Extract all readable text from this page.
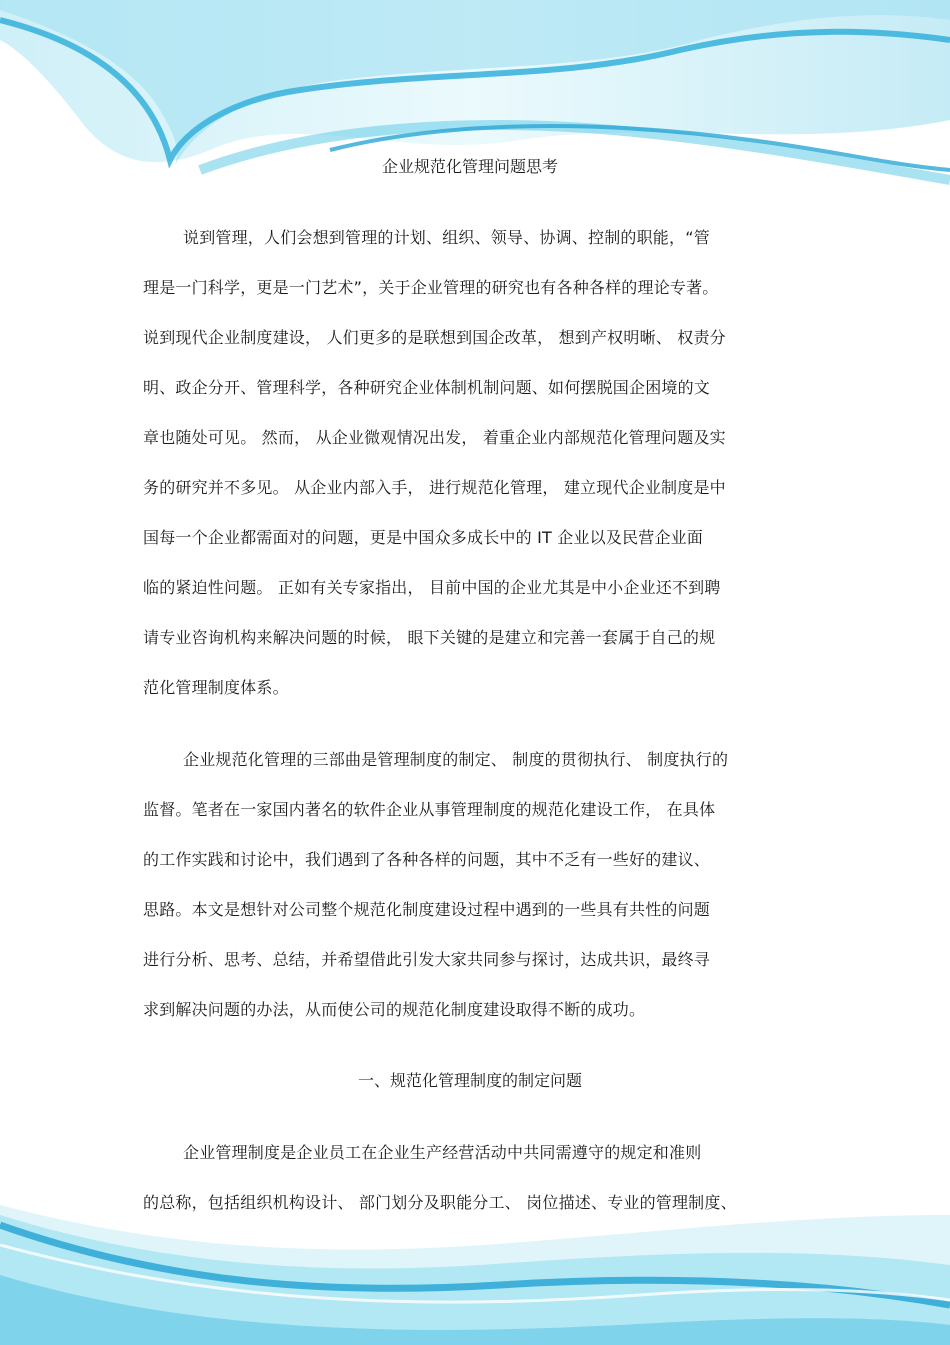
企业规范化管理问题思考
说到管理，人们会想到管理的计划、组织、领导、协调、控制的职能，“管
理是一门科学，更是一门艺术”，关于企业管理的研究也有各种各样的理论专著。
说到现代企业制度建设， 人们更多的是联想到国企改革， 想到产权明晰、 权责分
明、政企分开、管理科学，各种研究企业体制机制问题、如何摆脱国企困境的文
章也随处可见。 然而， 从企业微观情况出发， 着重企业内部规范化管理问题及实
务的研究并不多见。 从企业内部入手， 进行规范化管理， 建立现代企业制度是中
国每一个企业都需面对的问题，更是中国众多成长中的 IT 企业以及民营企业面
临的紧迫性问题。 正如有关专家指出， 目前中国的企业尤其是中小企业还不到聘
请专业咨询机构来解决问题的时候， 眼下关键的是建立和完善一套属于自己的规
范化管理制度体系。
企业规范化管理的三部曲是管理制度的制定、 制度的贯彻执行、 制度执行的
监督。笔者在一家国内著名的软件企业从事管理制度的规范化建设工作， 在具体
的工作实践和讨论中，我们遇到了各种各样的问题，其中不乏有一些好的建议、
思路。本文是想针对公司整个规范化制度建设过程中遇到的一些具有共性的问题
进行分析、思考、总结，并希望借此引发大家共同参与探讨，达成共识，最终寻
求到解决问题的办法，从而使公司的规范化制度建设取得不断的成功。
一、规范化管理制度的制定问题
企业管理制度是企业员工在企业生产经营活动中共同需遵守的规定和准则
的总称，包括组织机构设计、 部门划分及职能分工、 岗位描述、专业的管理制度、
